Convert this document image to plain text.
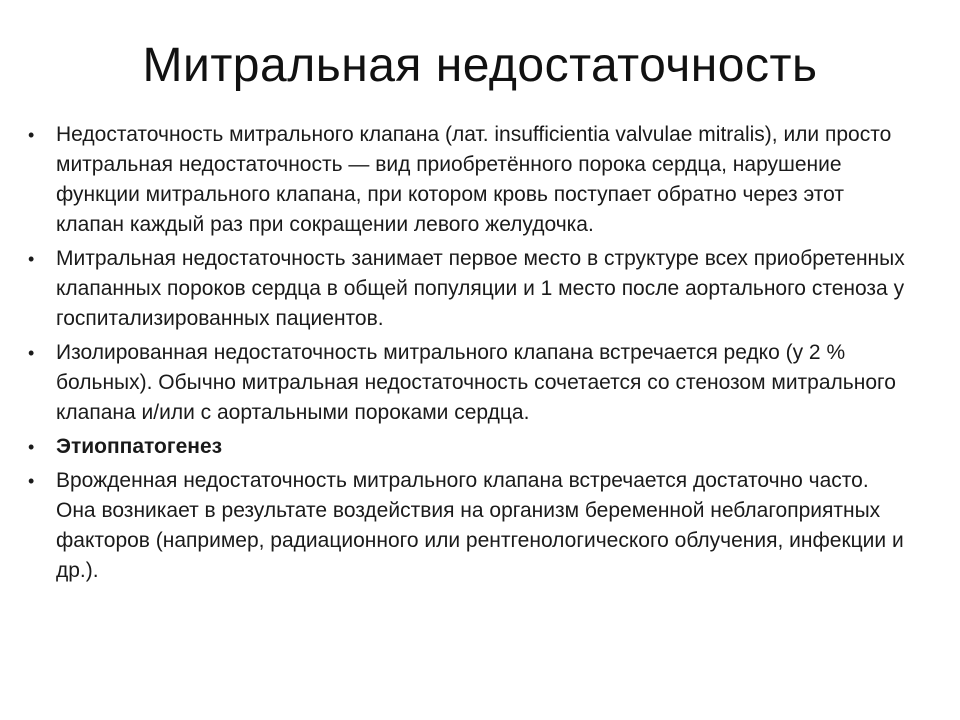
Митральная недостаточность
•	Недостаточность митрального клапана (лат. insufficientia valvulae mitralis), или просто митральная недостаточность — вид приобретённого порока сердца, нарушение функции митрального клапана, при котором кровь поступает обратно через этот клапан каждый раз при сокращении левого желудочка.
•	Митральная недостаточность занимает первое место в структуре всех приобретенных клапанных пороков сердца в общей популяции и 1 место после аортального стеноза у госпитализированных пациентов.
•	Изолированная недостаточность митрального клапана встречается редко (у 2 % больных). Обычно митральная недостаточность сочетается со стенозом митрального клапана и/или с аортальными пороками сердца.
•	Этиоппатогенез
•	Врожденная недостаточность митрального клапана встречается достаточно часто. Она возникает в результате воздействия на организм беременной неблагоприятных факторов (например, радиационного или рентгенологического облучения, инфекции и др.).
